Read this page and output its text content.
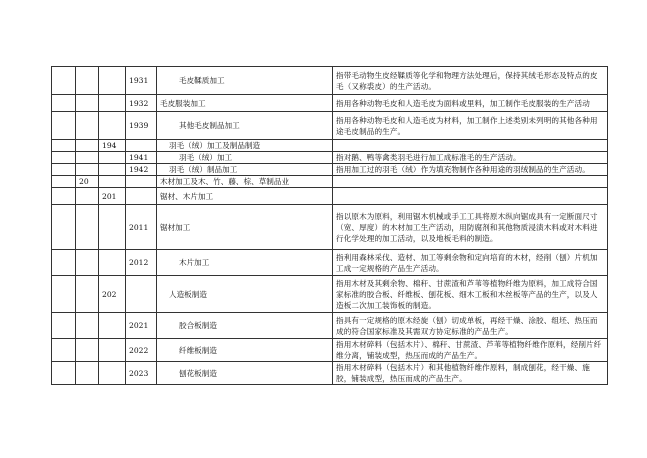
			1931	毛皮鞣质加工	指带毛动物生皮经鞣质等化学和物理方法处理后，保持其绒毛形态及特点的皮毛（又称裘皮）的生产活动。
			1932	毛皮服装加工	指用各种动物毛皮和人造毛皮为面料或里料，加工制作毛皮服装的生产活动
			1939	其他毛皮制品加工	指用各种动物毛皮和人造毛皮为材料，加工制作上述类别未列明的其他各种用途毛皮制品的生产。
		194		羽毛（绒）加工及制品制造	
			1941	羽毛（绒）加工	指对鹅、鸭等禽类羽毛进行加工成标准毛的生产活动。
			1942	羽毛（绒）制品加工	指用加工过的羽毛（绒）作为填充物制作各种用途的羽绒制品的生产活动。
	20			木材加工及木、竹、藤、棕、草制品业	
		201		锯材、木片加工	
			2011	锯材加工	指以原木为原料，利用锯木机械或手工工具将原木纵向锯成具有一定断面尺寸（宽、厚度）的木材加工生产活动，用防腐剂和其他物质浸渍木料或对木料进行化学处理的加工活动，以及地板毛料的制造。
			2012	木片加工	指利用森林采伐、造材、加工等剩余物和定向培育的木材，经削（刨）片机加工成一定规格的产品生产活动。
		202		人造板制造	指用木材及其剩余物、棉秆、甘蔗渣和芦苇等植物纤维为原料，加工成符合国家标准的胶合板、纤维板、刨花板、细木工板和木丝板等产品的生产，以及人造板二次加工装饰板的制造。
			2021	胶合板制造	指具有一定规格的原木经旋（刨）切成单板，再经干燥、涂胶、组坯、热压而成的符合国家标准及其需双方协定标准的产品生产。
			2022	纤维板制造	指用木材碎料（包括木片）、棉秆、甘蔗渣、芦苇等植物纤维作原料，经削片纤维分离，铺装成型，热压而成的产品生产。
			2023	刨花板制造	指用木材碎料（包括木片）和其他植物纤维作原料，制成刨花，经干燥、施胶，铺装成型，热压而成的产品生产。
